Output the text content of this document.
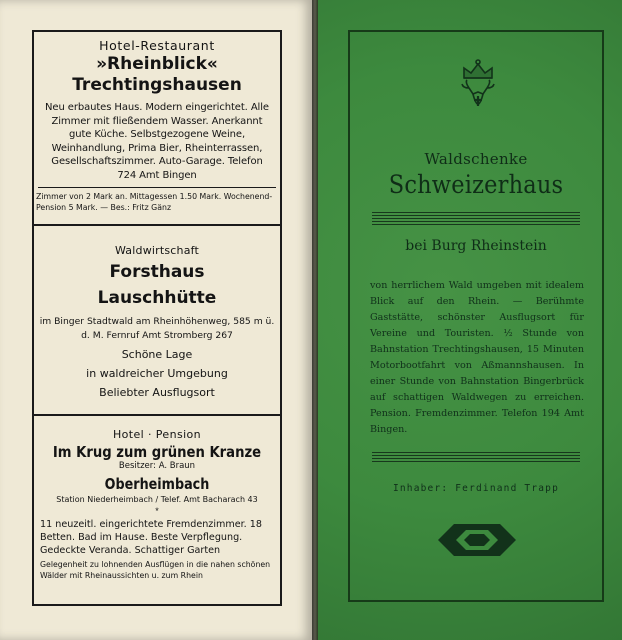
Hotel-Restaurant
»Rheinblick«
Trechtingshausen
Neu erbautes Haus. Modern eingerichtet. Alle Zimmer mit fließendem Wasser. Anerkannt gute Küche. Selbstgezogene Weine, Weinhandlung, Prima Bier, Rheinterrassen, Gesellschaftszimmer. Auto-Garage. Telefon 724 Amt Bingen
Zimmer von 2 Mark an. Mittagessen 1.50 Mark. Wochenend-Pension 5 Mark. — Bes.: Fritz Gänz
Waldwirtschaft
Forsthaus
Lauschhütte
im Binger Stadtwald am Rheinhöhenweg, 585 m ü. d. M. Fernruf Amt Stromberg 267
Schöne Lage
in waldreicher Umgebung
Beliebter Ausflugsort
Hotel · Pension
Im Krug zum grünen Kranze
Besitzer: A. Braun
Oberheimbach
Station Niederheimbach / Telef. Amt Bacharach 43
*
11 neuzeitl. eingerichtete Fremdenzimmer. 18 Betten. Bad im Hause. Beste Verpflegung. Gedeckte Veranda. Schattiger Garten
Gelegenheit zu lohnenden Ausflügen in die nahen schönen Wälder mit Rheinaussichten u. zum Rhein
Waldschenke
Schweizerhaus
bei Burg Rheinstein
von herrlichem Wald umgeben mit idealem Blick auf den Rhein. — Berühmte Gaststätte, schönster Ausflugsort für Vereine und Touristen. ½ Stunde von Bahnstation Trechtingshausen, 15 Minuten Motorbootfahrt von Aßmannshausen. In einer Stunde von Bahnstation Bingerbrück auf schattigen Waldwegen zu erreichen. Pension. Fremdenzimmer. Telefon 194 Amt Bingen.
Inhaber: Ferdinand Trapp
